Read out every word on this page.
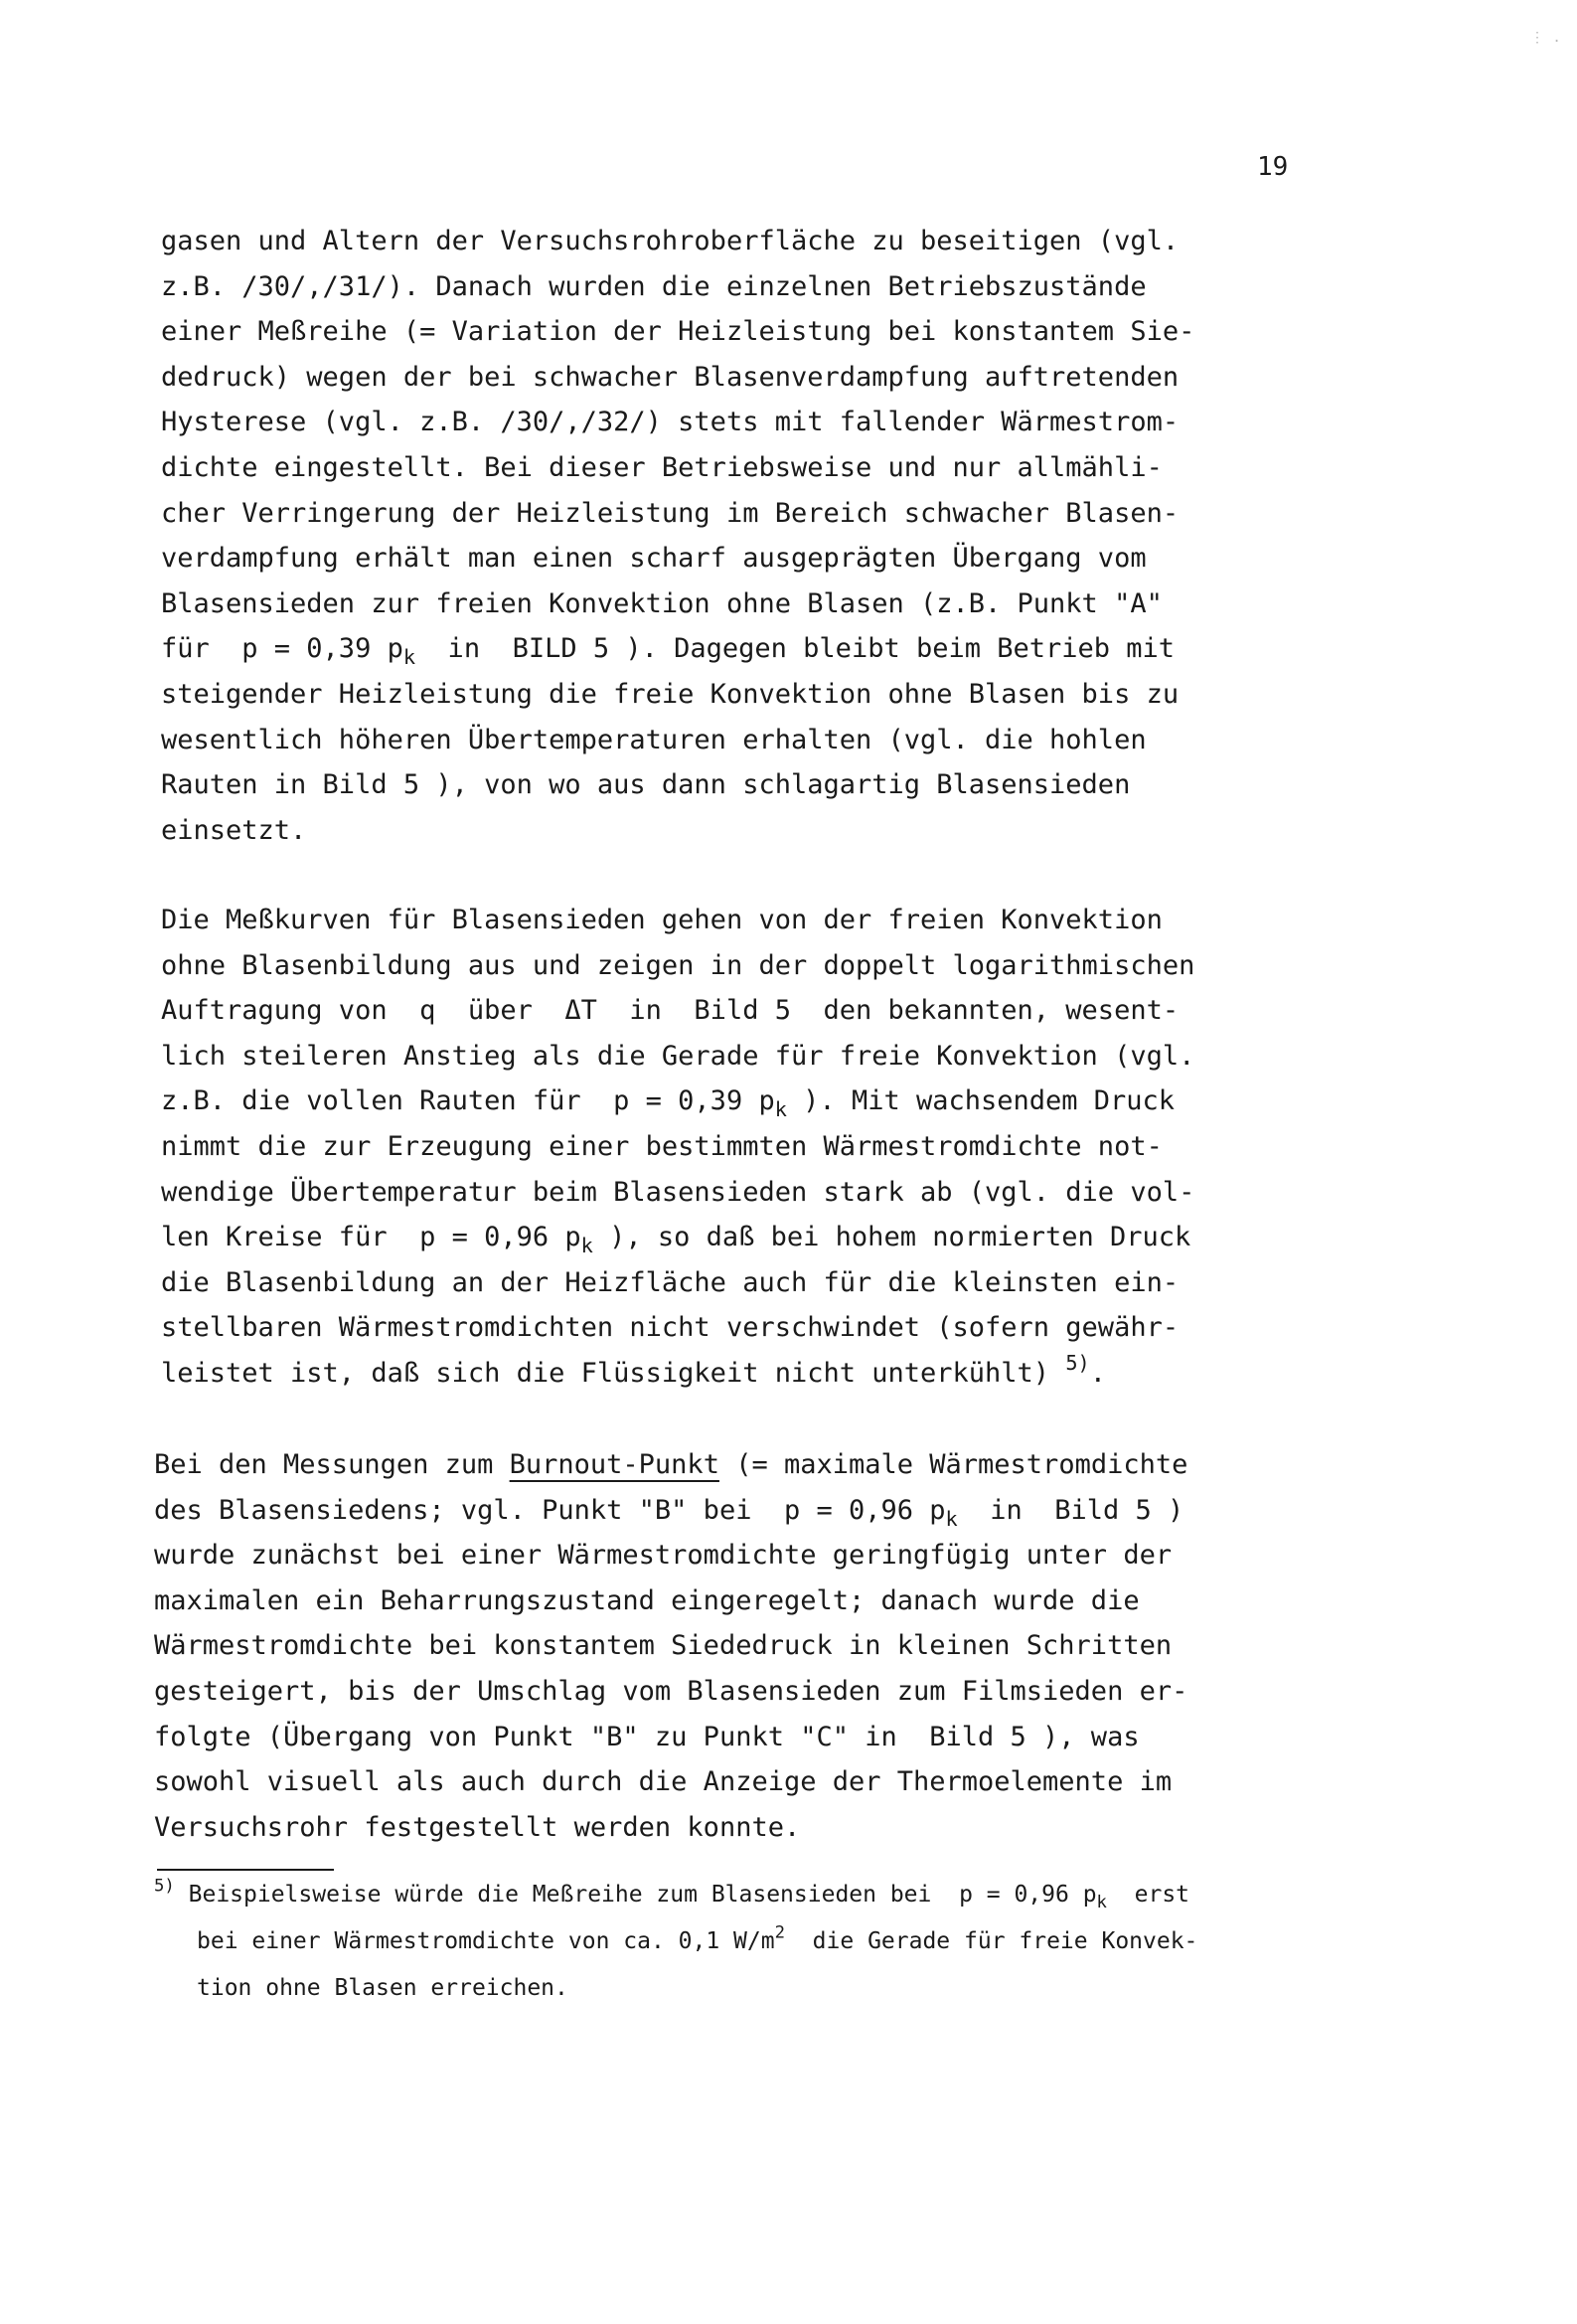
⋮ .
19
gasen und Altern der Versuchsrohroberfläche zu beseitigen (vgl.
z.B. /30/,/31/). Danach wurden die einzelnen Betriebszustände
einer Meßreihe (= Variation der Heizleistung bei konstantem Sie-
dedruck) wegen der bei schwacher Blasenverdampfung auftretenden
Hysterese (vgl. z.B. /30/,/32/) stets mit fallender Wärmestrom-
dichte eingestellt. Bei dieser Betriebsweise und nur allmähli-
cher Verringerung der Heizleistung im Bereich schwacher Blasen-
verdampfung erhält man einen scharf ausgeprägten Übergang vom
Blasensieden zur freien Konvektion ohne Blasen (z.B. Punkt "A"
für  p = 0,39 $p_k$  in  BILD 5 ). Dagegen bleibt beim Betrieb mit
steigender Heizleistung die freie Konvektion ohne Blasen bis zu
wesentlich höheren Übertemperaturen erhalten (vgl. die hohlen
Rauten in Bild 5 ), von wo aus dann schlagartig Blasensieden
einsetzt.
Die Meßkurven für Blasensieden gehen von der freien Konvektion
ohne Blasenbildung aus und zeigen in der doppelt logarithmischen
Auftragung von  q  über  ΔT  in  Bild 5  den bekannten, wesent-
lich steileren Anstieg als die Gerade für freie Konvektion (vgl.
z.B. die vollen Rauten für  p = 0,39 $p_k$ ). Mit wachsendem Druck
nimmt die zur Erzeugung einer bestimmten Wärmestromdichte not-
wendige Übertemperatur beim Blasensieden stark ab (vgl. die vol-
len Kreise für  p = 0,96 $p_k$ ), so daß bei hohem normierten Druck
die Blasenbildung an der Heizfläche auch für die kleinsten ein-
stellbaren Wärmestromdichten nicht verschwindet (sofern gewähr-
leistet ist, daß sich die Flüssigkeit nicht unterkühlt) $^{5)}$.
Bei den Messungen zum Burnout-Punkt (= maximale Wärmestromdichte
des Blasensiedens; vgl. Punkt "B" bei  p = 0,96 $p_k$  in  Bild 5 )
wurde zunächst bei einer Wärmestromdichte geringfügig unter der
maximalen ein Beharrungszustand eingeregelt; danach wurde die
Wärmestromdichte bei konstantem Siededruck in kleinen Schritten
gesteigert, bis der Umschlag vom Blasensieden zum Filmsieden er-
folgte (Übergang von Punkt "B" zu Punkt "C" in  Bild 5 ), was
sowohl visuell als auch durch die Anzeige der Thermoelemente im
Versuchsrohr festgestellt werden konnte.
$^{5)}$ Beispielsweise würde die Meßreihe zum Blasensieden bei  p = 0,96 $p_k$  erst
bei einer Wärmestromdichte von ca. 0,1 $W/m^2$  die Gerade für freie Konvek-
tion ohne Blasen erreichen.
